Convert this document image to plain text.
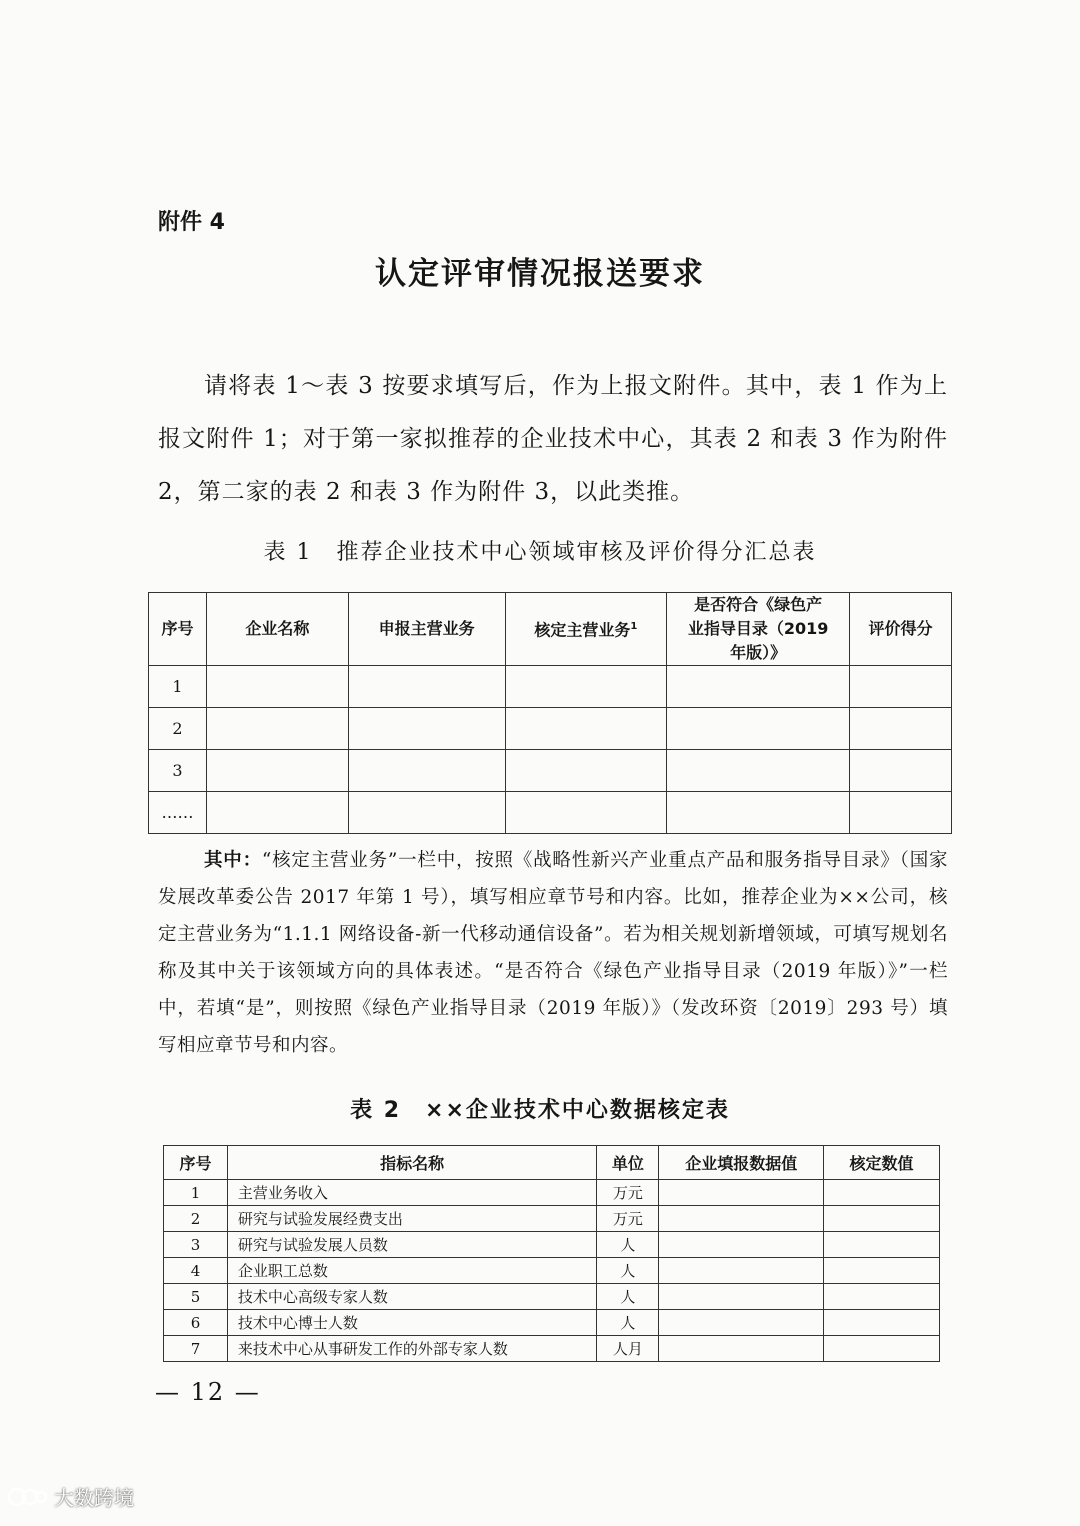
附件 4
认定评审情况报送要求

请将表 1～表 3 按要求填写后，作为上报文附件。其中，表 1 作为上报文附件 1；对于第一家拟推荐的企业技术中心，其表 2 和表 3 作为附件 2，第二家的表 2 和表 3 作为附件 3，以此类推。

表 1　推荐企业技术中心领域审核及评价得分汇总表
序号	企业名称	申报主营业务	核定主营业务$^1$	是否符合《绿色产业指导目录（2019年版）》	评价得分
1					
2					
3					
……					

其中：“核定主营业务”一栏中，按照《战略性新兴产业重点产品和服务指导目录》（国家发展改革委公告 2017 年第 1 号），填写相应章节号和内容。比如，推荐企业为××公司，核定主营业务为“1.1.1 网络设备-新一代移动通信设备”。若为相关规划新增领域，可填写规划名称及其中关于该领域方向的具体表述。“是否符合《绿色产业指导目录（2019 年版）》”一栏中，若填“是”，则按照《绿色产业指导目录（2019 年版）》（发改环资〔2019〕293 号）填写相应章节号和内容。

表 2　××企业技术中心数据核定表
序号	指标名称	单位	企业填报数据值	核定数值
1	主营业务收入	万元		
2	研究与试验发展经费支出	万元		
3	研究与试验发展人员数	人		
4	企业职工总数	人		
5	技术中心高级专家人数	人		
6	技术中心博士人数	人		
7	来技术中心从事研发工作的外部专家人数	人月		
— 12 —
大数跨境
